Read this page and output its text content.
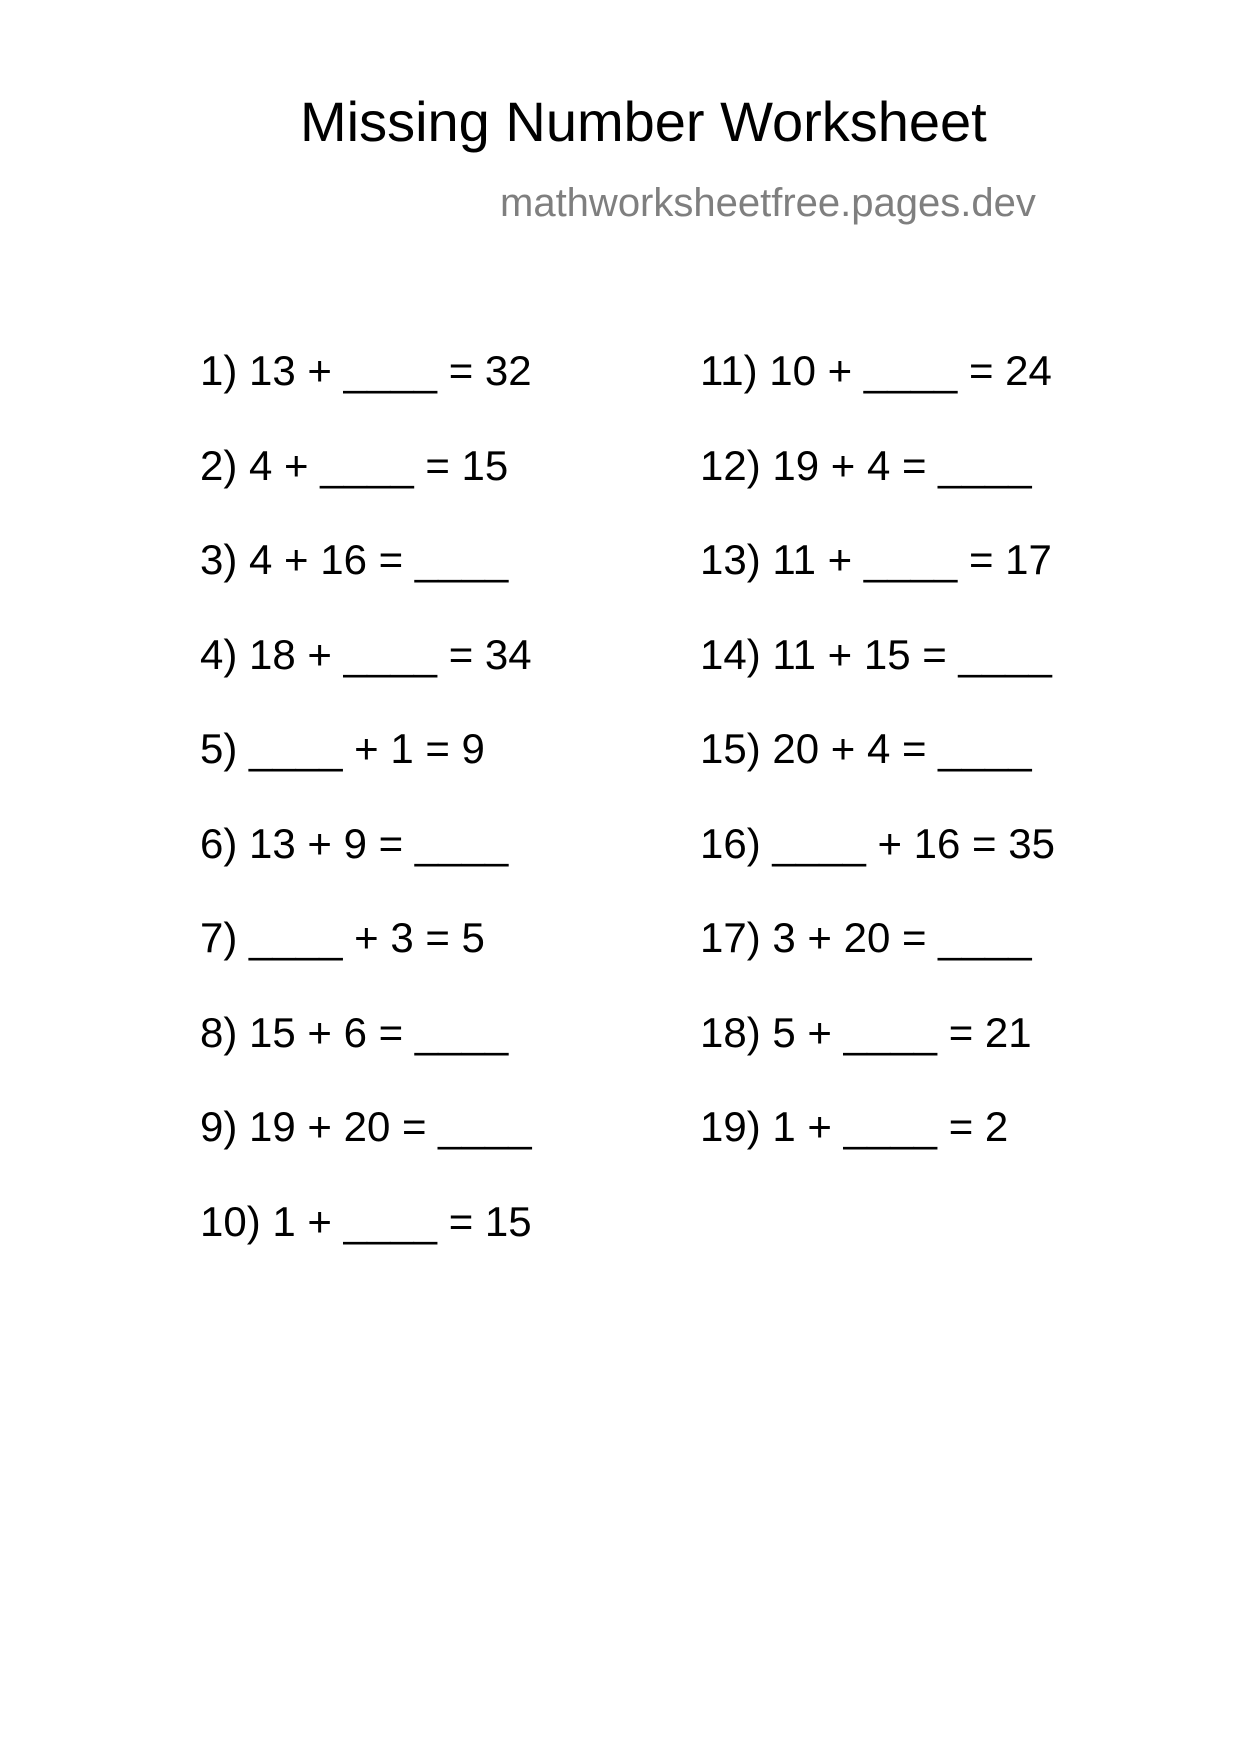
Missing Number Worksheet
mathworksheetfree.pages.dev
1) 13 + ____ = 32
2) 4 + ____ = 15
3) 4 + 16 = ____
4) 18 + ____ = 34
5) ____ + 1 = 9
6) 13 + 9 = ____
7) ____ + 3 = 5
8) 15 + 6 = ____
9) 19 + 20 = ____
10) 1 + ____ = 15
11) 10 + ____ = 24
12) 19 + 4 = ____
13) 11 + ____ = 17
14) 11 + 15 = ____
15) 20 + 4 = ____
16) ____ + 16 = 35
17) 3 + 20 = ____
18) 5 + ____ = 21
19) 1 + ____ = 2
